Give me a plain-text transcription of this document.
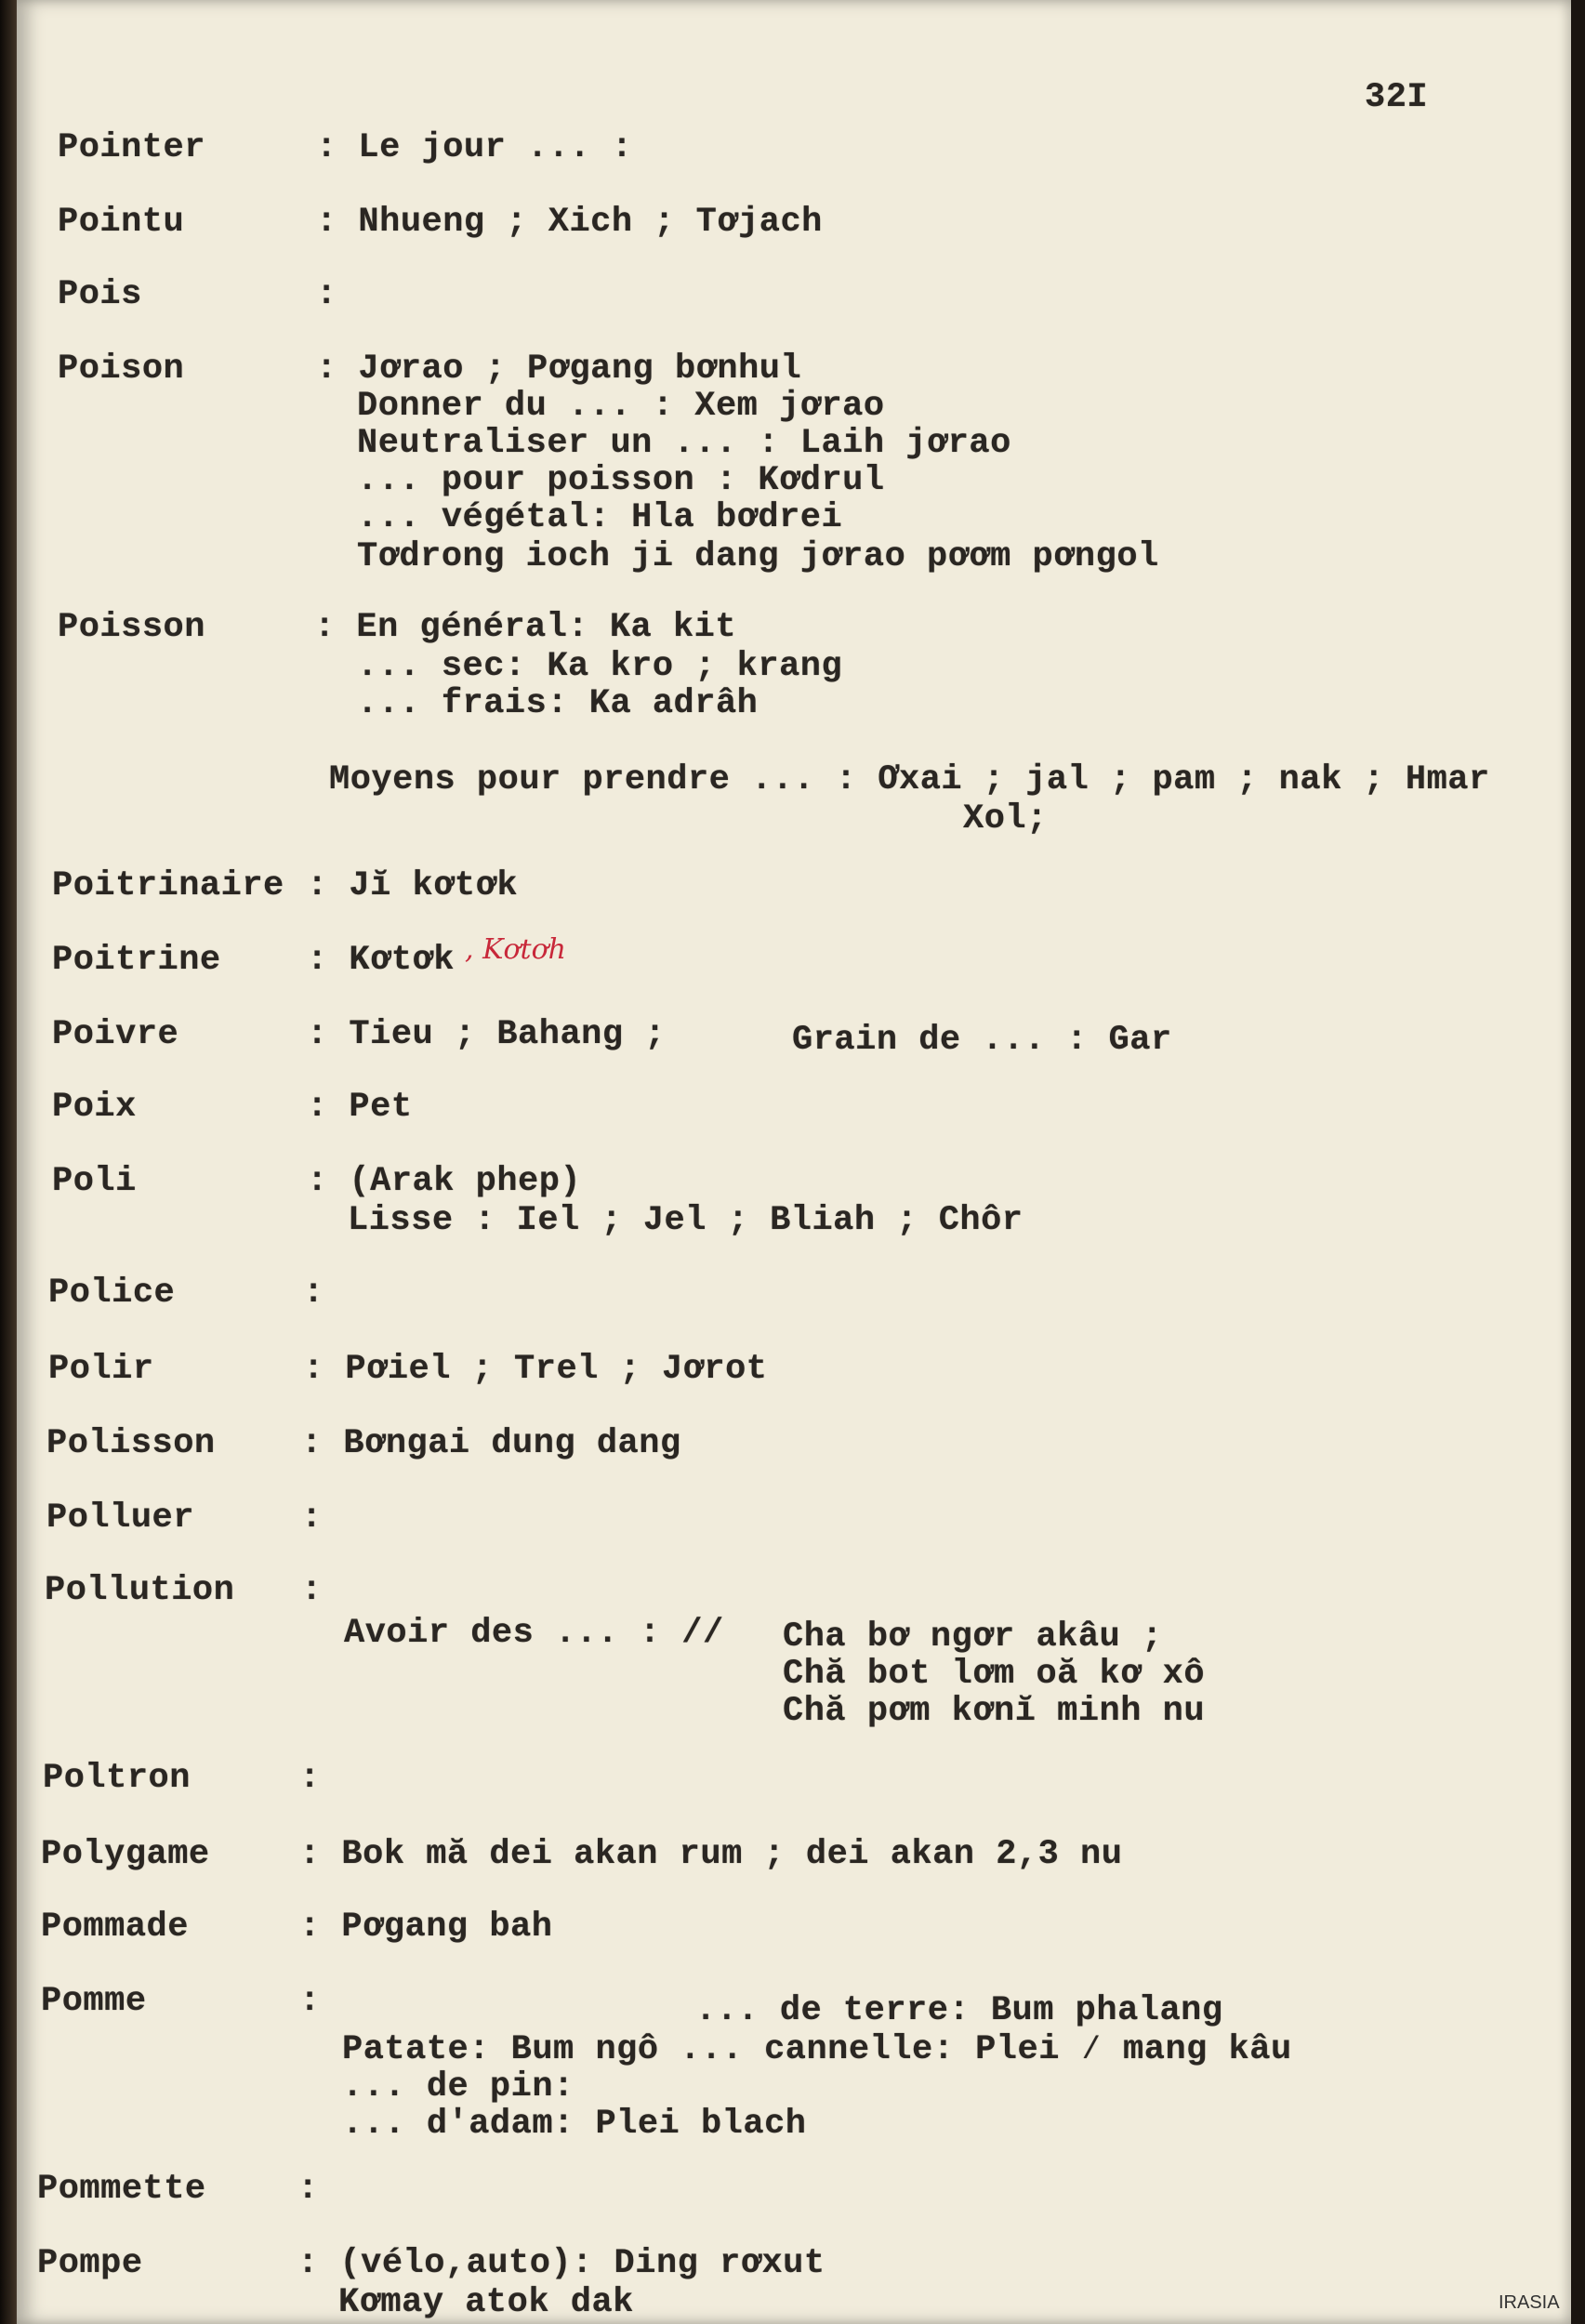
32I
Pointer	: Le jour ... :
Pointu	: Nhueng ; Xich ; Tơjach
Pois	:
Poison	: Jơrao ; Pơgang bơnhul
Donner du ... : Xem jơrao
Neutraliser un ... : Laih jơrao
... pour poisson : Kơdrul
... végétal: Hla bơdrei
Tơdrong ioch ji dang jơrao pơơm pơngol
Poisson	: En général: Ka kit
... sec: Ka kro ; krang
... frais: Ka adrâh
Moyens pour prendre ... : Ơxai ; jal ; pam ; nak ; Hmar
Xol;
Poitrinaire : Jĭ kơtơk
Poitrine : Kơtơk
Poivre	: Tieu ; Bahang ;	Grain de ... : Gar
Poix	: Pet
Poli	: (Arak phep)
Lisse : Iel ; Jel ; Bliah ; Chôr
Police	:
Polir	: Pơiel ; Trel ; Jơrot
Polisson : Bơngai dung dang
Polluer	:
Pollution :
Avoir des ... : // Cha bơ ngơr akâu ;
Chă bot lơm oă kơ xô
Chă pơm kơnĭ minh nu
Poltron	:
Polygame	: Bok mă dei akan rum ; dei akan 2,3 nu
Pommade	: Pơgang bah
Pomme	:	... de terre: Bum phalang
Patate: Bum ngô ... cannelle: Plei ⁄ mang kâu
... de pin:
... d'adam: Plei blach
Pommette	:
Pompe	: (vélo,auto): Ding rơxut
Kơmay atok dak
, Kơtơh
IRASIA
